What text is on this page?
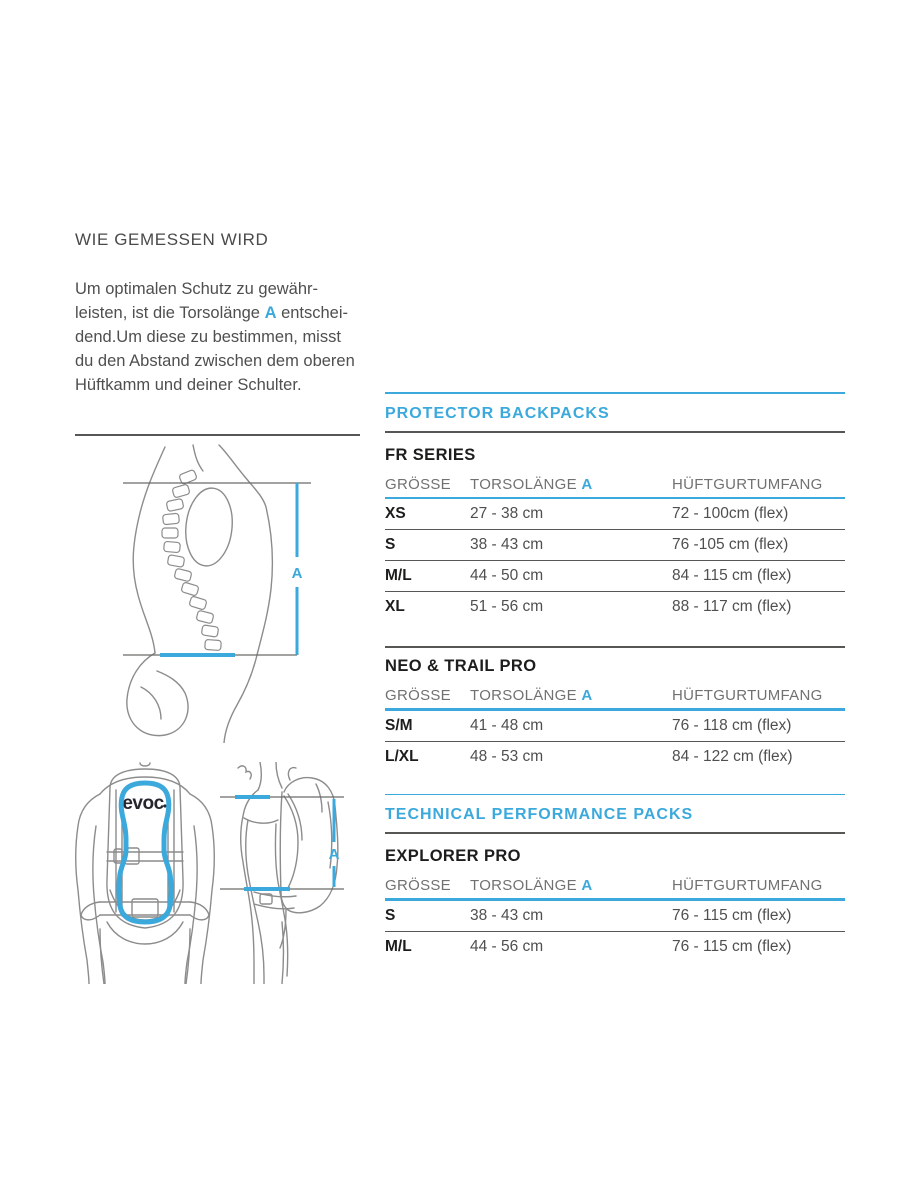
WIE GEMESSEN WIRD
Um optimalen Schutz zu gewähr-
leisten, ist die Torsolänge A entschei-
dend.Um diese zu bestimmen, misst
du den Abstand zwischen dem oberen
Hüftkamm und deiner Schulter.
A
evoc
A
PROTECTOR BACKPACKS
FR SERIES
GRÖSSE	TORSOLÄNGE A	HÜFTGURTUMFANG
XS	27 - 38 cm	72 - 100cm (flex)
S	38 - 43 cm	76 -105 cm (flex)
M/L	44 - 50 cm	84 - 115 cm (flex)
XL	51 - 56 cm	88 - 117 cm (flex)
NEO & TRAIL PRO
GRÖSSE	TORSOLÄNGE A	HÜFTGURTUMFANG
S/M	41 - 48 cm	76 - 118 cm (flex)
L/XL	48 - 53 cm	84 - 122 cm (flex)
TECHNICAL PERFORMANCE PACKS
EXPLORER PRO
GRÖSSE	TORSOLÄNGE A	HÜFTGURTUMFANG
S	38 - 43 cm	76 - 115 cm (flex)
M/L	44 - 56 cm	76 - 115 cm (flex)
